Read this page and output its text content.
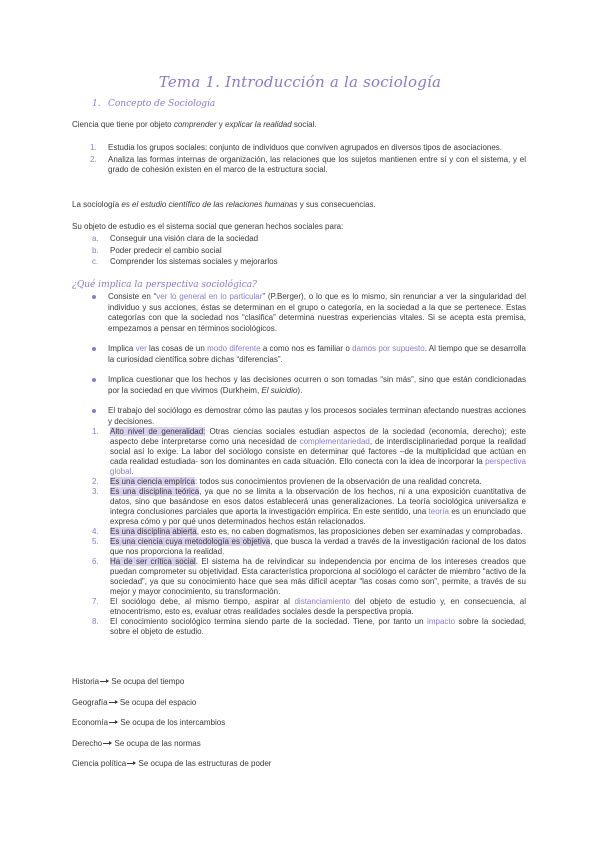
Tema 1. Introducción a la sociología
1. Concepto de Sociología
Ciencia que tiene por objeto comprender y explicar la realidad social.
1. Estudia los grupos sociales: conjunto de individuos que conviven agrupados en diversos tipos de asociaciones.
2. Analiza las formas internas de organización, las relaciones que los sujetos mantienen entre sí y con el sistema, y el grado de cohesión existen en el marco de la estructura social.
La sociología es el estudio científico de las relaciones humanas y sus consecuencias.
Su objeto de estudio es el sistema social que generan hechos sociales para:
a. Conseguir una visión clara de la sociedad
b. Poder predecir el cambio social
c. Comprender los sistemas sociales y mejorarlos
¿Qué implica la perspectiva sociológica?
Consiste en “ver lo general en lo particular” (P.Berger), o lo que es lo mismo, sin renunciar a ver la singularidad del individuo y sus acciones, éstas se determinan en el grupo o categoría, en la sociedad a la que se pertenece. Estas categorías con que la sociedad nos “clasifica” determina nuestras experiencias vitales. Si se acepta esta premisa, empezamos a pensar en términos sociológicos.
Implica ver las cosas de un modo diferente a como nos es familiar o damos por supuesto. Al tiempo que se desarrolla la curiosidad científica sobre dichas “diferencias”.
Implica cuestionar que los hechos y las decisiones ocurren o son tomadas “sin más”, sino que están condicionadas por la sociedad en que vivimos (Durkheim, El suicidio).
El trabajo del sociólogo es demostrar cómo las pautas y los procesos sociales terminan afectando nuestras acciones y decisiones.
1. Alto nivel de generalidad: Otras ciencias sociales estudian aspectos de la sociedad (economía, derecho); este aspecto debe interpretarse como una necesidad de complementariedad, de interdisciplinariedad porque la realidad social así lo exige. La labor del sociólogo consiste en determinar qué factores –de la multiplicidad que actúan en cada realidad estudiada- son los dominantes en cada situación. Ello conecta con la idea de incorporar la perspectiva global.
2. Es una ciencia empírica: todos sus conocimientos provienen de la observación de una realidad concreta.
3. Es una disciplina teórica, ya que no se limita a la observación de los hechos, ni a una exposición cuantitativa de datos, sino que basándose en esos datos establecerá unas generalizaciones. La teoría sociológica universaliza e integra conclusiones parciales que aporta la investigación empírica. En este sentido, una teoría es un enunciado que expresa cómo y por qué unos determinados hechos están relacionados.
4. Es una disciplina abierta, esto es, no caben dogmatismos, las proposiciones deben ser examinadas y comprobadas.
5. Es una ciencia cuya metodología es objetiva, que busca la verdad a través de la investigación racional de los datos que nos proporciona la realidad.
6. Ha de ser crítica social. El sistema ha de reivindicar su independencia por encima de los intereses creados que puedan comprometer su objetividad. Esta característica proporciona al sociólogo el carácter de miembro “activo de la sociedad”, ya que su conocimiento hace que sea más difícil aceptar “las cosas como son”, permite, a través de su mejor y mayor conocimiento, su transformación.
7. El sociólogo debe, al mismo tiempo, aspirar al distanciamiento del objeto de estudio y, en consecuencia, al etnocentrismo, esto es, evaluar otras realidades sociales desde la perspectiva propia.
8. El conocimiento sociológico termina siendo parte de la sociedad. Tiene, por tanto un impacto sobre la sociedad, sobre el objeto de estudio.
Historia Se ocupa del tiempo
Geografía Se ocupa del espacio
Economía Se ocupa de los intercambios
Derecho Se ocupa de las normas
Ciencia política Se ocupa de las estructuras de poder
